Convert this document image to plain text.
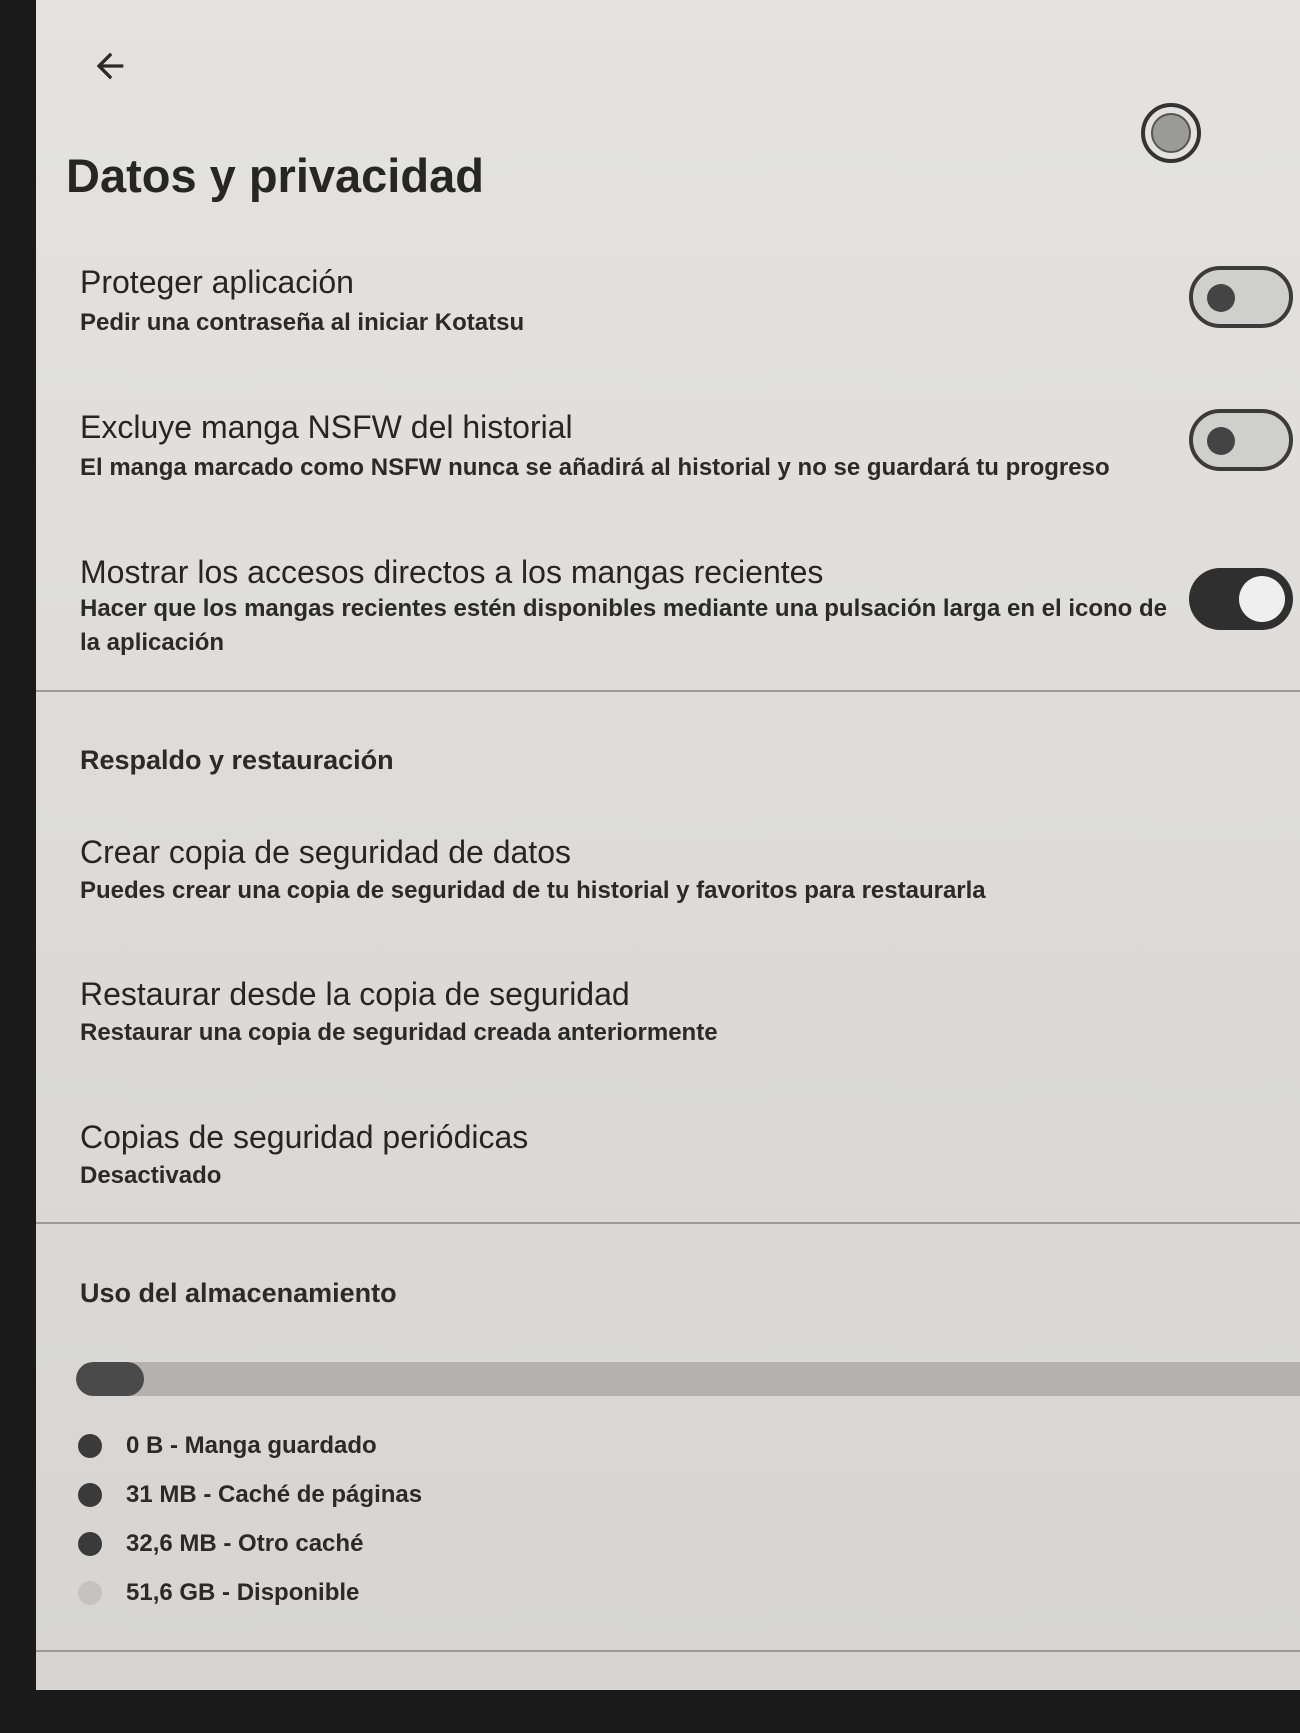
Datos y privacidad
Proteger aplicación
Pedir una contraseña al iniciar Kotatsu
Excluye manga NSFW del historial
El manga marcado como NSFW nunca se añadirá al historial y no se guardará tu progreso
Mostrar los accesos directos a los mangas recientes
Hacer que los mangas recientes estén disponibles mediante una pulsación larga en el icono de la aplicación
Respaldo y restauración
Crear copia de seguridad de datos
Puedes crear una copia de seguridad de tu historial y favoritos para restaurarla
Restaurar desde la copia de seguridad
Restaurar una copia de seguridad creada anteriormente
Copias de seguridad periódicas
Desactivado
Uso del almacenamiento
0 B - Manga guardado
31 MB - Caché de páginas
32,6 MB - Otro caché
51,6 GB - Disponible
